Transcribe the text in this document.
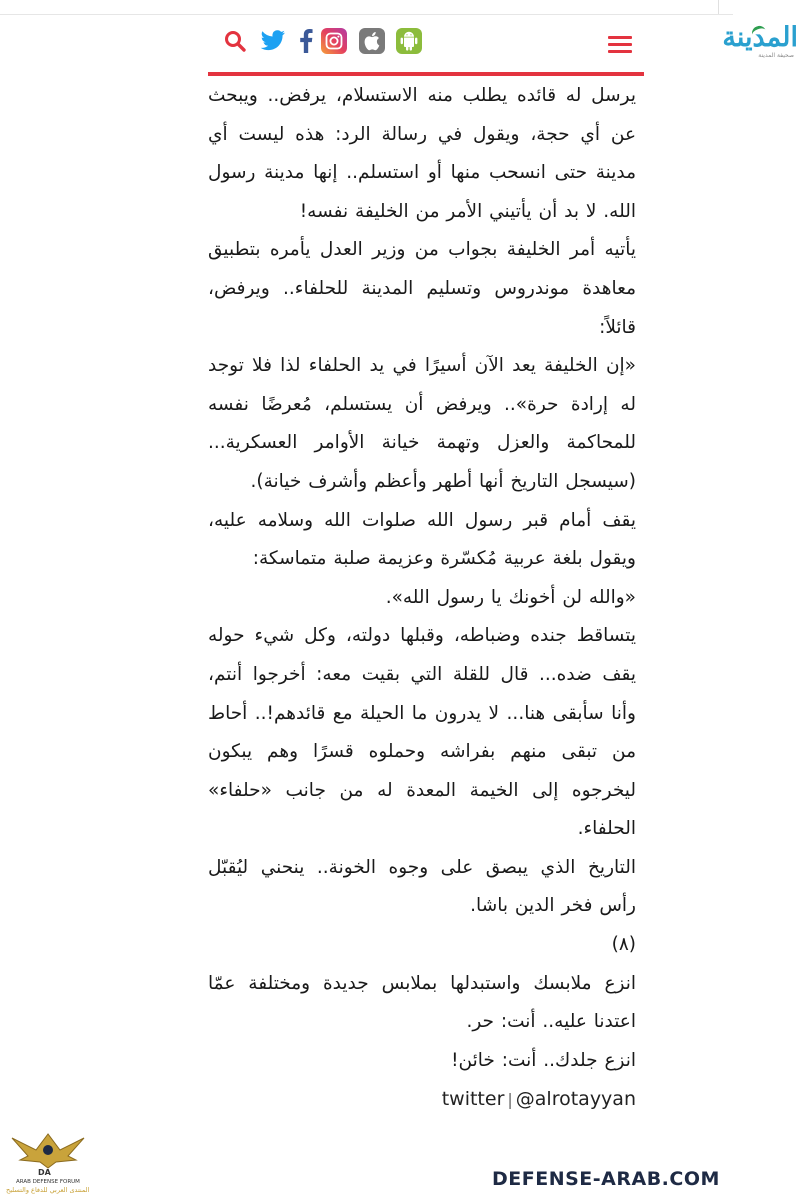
المدينة
صحيفة المدينة

يرسل له قائده يطلب منه الاستسلام، يرفض.. ويبحث عن أي حجة، ويقول في رسالة الرد: هذه ليست أي مدينة حتى انسحب منها أو استسلم.. إنها مدينة رسول الله. لا بد أن يأتيني الأمر من الخليفة نفسه!

يأتيه أمر الخليفة بجواب من وزير العدل يأمره بتطبيق معاهدة موندروس وتسليم المدينة للحلفاء.. ويرفض، قائلاً:

«إن الخليفة يعد الآن أسيرًا في يد الحلفاء لذا فلا توجد له إرادة حرة».. ويرفض أن يستسلم، مُعرضًا نفسه للمحاكمة والعزل وتهمة خيانة الأوامر العسكرية... (سيسجل التاريخ أنها أطهر وأعظم وأشرف خيانة).

يقف أمام قبر رسول الله صلوات الله وسلامه عليه، ويقول بلغة عربية مُكسّرة وعزيمة صلبة متماسكة:

«والله لن أخونك يا رسول الله».

يتساقط جنده وضباطه، وقبلها دولته، وكل شيء حوله يقف ضده... قال للقلة التي بقيت معه: أخرجوا أنتم، وأنا سأبقى هنا... لا يدرون ما الحيلة مع قائدهم!.. أحاط من تبقى منهم بفراشه وحملوه قسرًا وهم يبكون ليخرجوه إلى الخيمة المعدة له من جانب «حلفاء» الحلفاء.

التاريخ الذي يبصق على وجوه الخونة.. ينحني ليُقبّل رأس فخر الدين باشا.

(٨)

انزع ملابسك واستبدلها بملابس جديدة ومختلفة عمّا اعتدنا عليه.. أنت: حر.

انزع جلدك.. أنت: خائن!

twitter | @alrotayyan
DA
ARAB DEFENSE FORUM
المنتدى العربي للدفاع والتسليح	DEFENSE-ARAB.COM
